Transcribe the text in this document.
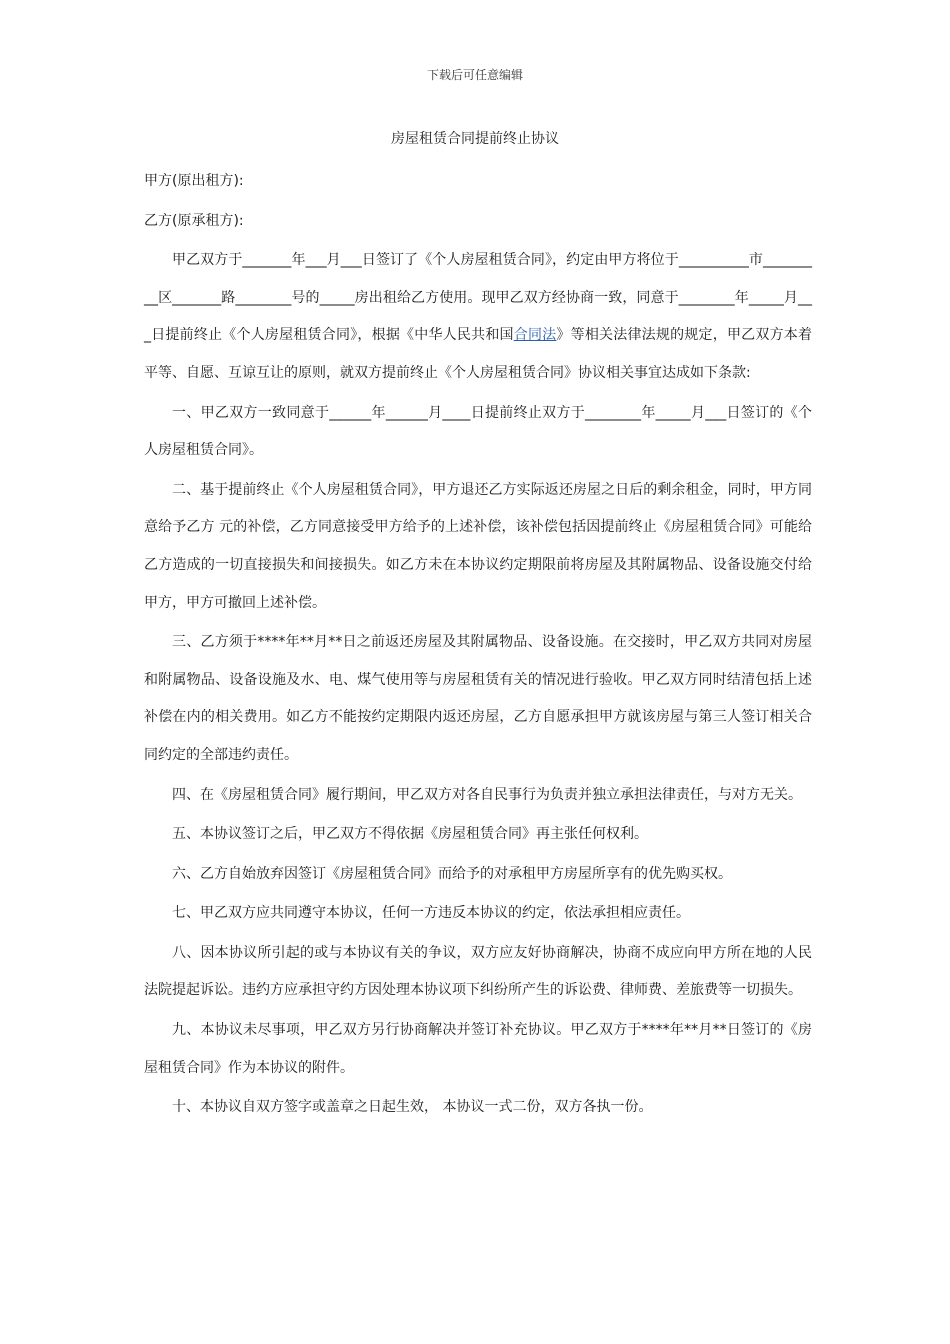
下载后可任意编辑
房屋租赁合同提前终止协议

甲方(原出租方):

乙方(原承租方):

甲乙双方于_______年___月___日签订了《个人房屋租赁合同》，约定由甲方将位于__________市_________区_______路________号的_____房出租给乙方使用。现甲乙双方经协商一致，同意于________年_____月___日提前终止《个人房屋租赁合同》，根据《中华人民共和国合同法》等相关法律法规的规定，甲乙双方本着平等、自愿、互谅互让的原则，就双方提前终止《个人房屋租赁合同》协议相关事宜达成如下条款:

一、甲乙双方一致同意于______年______月____日提前终止双方于________年_____月___日签订的《个人房屋租赁合同》。

二、基于提前终止《个人房屋租赁合同》，甲方退还乙方实际返还房屋之日后的剩余租金，同时，甲方同意给予乙方 元的补偿，乙方同意接受甲方给予的上述补偿，该补偿包括因提前终止《房屋租赁合同》可能给乙方造成的一切直接损失和间接损失。如乙方未在本协议约定期限前将房屋及其附属物品、设备设施交付给甲方，甲方可撤回上述补偿。

三、乙方须于****年**月**日之前返还房屋及其附属物品、设备设施。在交接时，甲乙双方共同对房屋和附属物品、设备设施及水、电、煤气使用等与房屋租赁有关的情况进行验收。甲乙双方同时结清包括上述补偿在内的相关费用。如乙方不能按约定期限内返还房屋，乙方自愿承担甲方就该房屋与第三人签订相关合同约定的全部违约责任。

四、在《房屋租赁合同》履行期间，甲乙双方对各自民事行为负责并独立承担法律责任，与对方无关。

五、本协议签订之后，甲乙双方不得依据《房屋租赁合同》再主张任何权利。

六、乙方自始放弃因签订《房屋租赁合同》而给予的对承租甲方房屋所享有的优先购买权。

七、甲乙双方应共同遵守本协议，任何一方违反本协议的约定，依法承担相应责任。

八、因本协议所引起的或与本协议有关的争议，双方应友好协商解决，协商不成应向甲方所在地的人民法院提起诉讼。违约方应承担守约方因处理本协议项下纠纷所产生的诉讼费、律师费、差旅费等一切损失。

九、本协议未尽事项，甲乙双方另行协商解决并签订补充协议。甲乙双方于****年**月**日签订的《房屋租赁合同》作为本协议的附件。

十、本协议自双方签字或盖章之日起生效， 本协议一式二份，双方各执一份。
